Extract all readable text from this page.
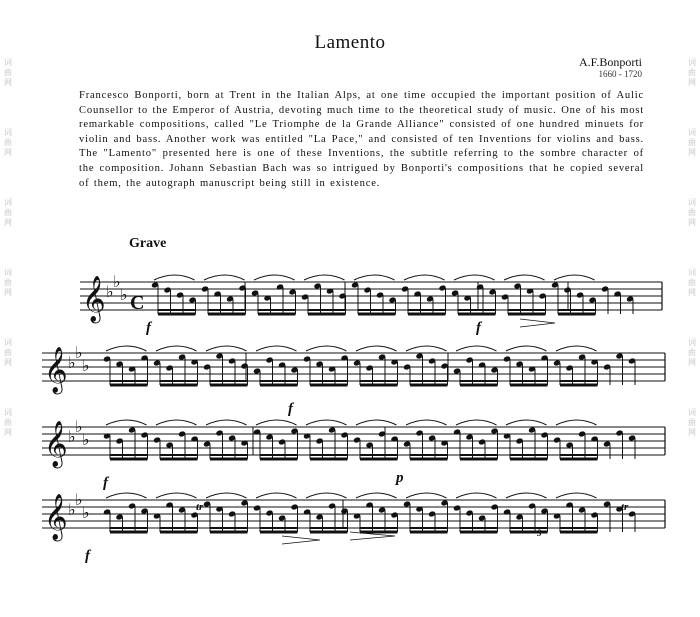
词
曲
网
词
曲
网
词
曲
网
词
曲
网
词
曲
网
词
曲
网
词
曲
网
词
曲
网
词
曲
网
词
曲
网
词
曲
网
词
曲
网
Lamento
A.F.Bonporti
1660 - 1720
Francesco Bonporti, born at Trent in the Italian Alps, at one time occupied the important position of Aulic Counsellor to the Emperor of Austria, devoting much time to the theoretical study of music. One of his most remarkable compositions, called "Le Triomphe de la Grande Alliance" consisted of one hundred minuets for violin and bass. Another work was entitled "La Pace," and consisted of ten Inventions for violins and bass. The "Lamento" presented here is one of these Inventions, the subtitle referring to the sombre character of the composition. Johann Sebastian Bach was so intrigued by Bonporti's compositions that he copied several of them, the autograph manuscript being still in existence.
Grave
𝄞 ♭
♭
♭
𝄞 ♭
♭
♭
𝄞 ♭
♭
♭
𝄞 ♭
♭
♭
f	f
f
f	p
f
tr	tr
3
C
